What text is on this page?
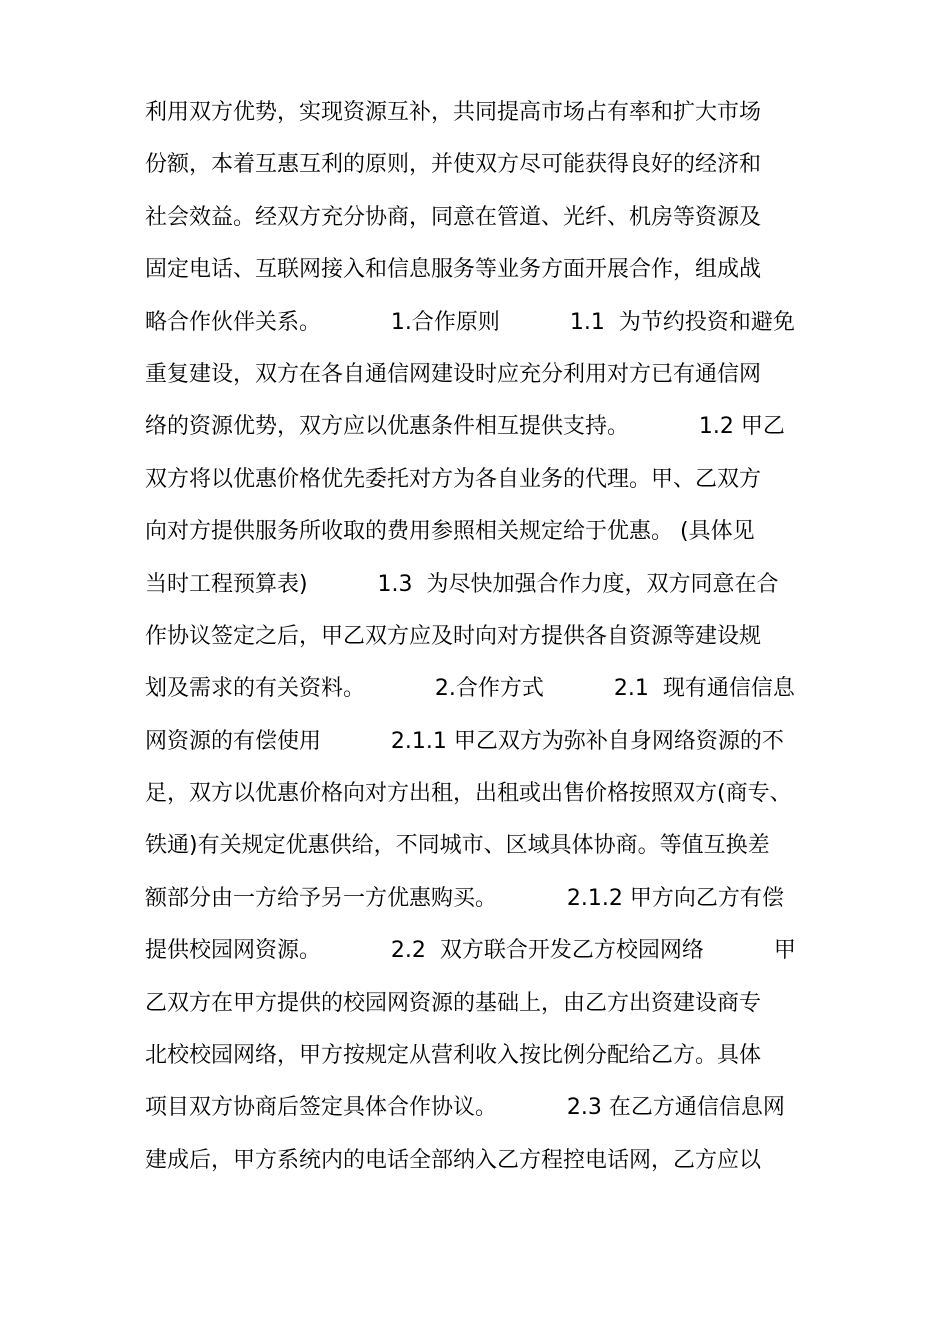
利用双方优势，实现资源互补，共同提高市场占有率和扩大市场
份额，本着互惠互利的原则，并使双方尽可能获得良好的经济和
社会效益。经双方充分协商，同意在管道、光纤、机房等资源及
固定电话、互联网接入和信息服务等业务方面开展合作，组成战
略合作伙伴关系。          1.合作原则          1.1  为节约投资和避免
重复建设，双方在各自通信网建设时应充分利用对方已有通信网
络的资源优势，双方应以优惠条件相互提供支持。          1.2 甲乙
双方将以优惠价格优先委托对方为各自业务的代理。甲、乙双方
向对方提供服务所收取的费用参照相关规定给于优惠。 (具体见
当时工程预算表)          1.3  为尽快加强合作力度，双方同意在合
作协议签定之后，甲乙双方应及时向对方提供各自资源等建设规
划及需求的有关资料。          2.合作方式          2.1  现有通信信息
网资源的有偿使用          2.1.1 甲乙双方为弥补自身网络资源的不
足，双方以优惠价格向对方出租，出租或出售价格按照双方(商专、
铁通)有关规定优惠供给，不同城市、区域具体协商。等值互换差
额部分由一方给予另一方优惠购买。          2.1.2 甲方向乙方有偿
提供校园网资源。          2.2  双方联合开发乙方校园网络          甲
乙双方在甲方提供的校园网资源的基础上，由乙方出资建设商专
北校校园网络，甲方按规定从营利收入按比例分配给乙方。具体
项目双方协商后签定具体合作协议。          2.3 在乙方通信信息网
建成后，甲方系统内的电话全部纳入乙方程控电话网，乙方应以
